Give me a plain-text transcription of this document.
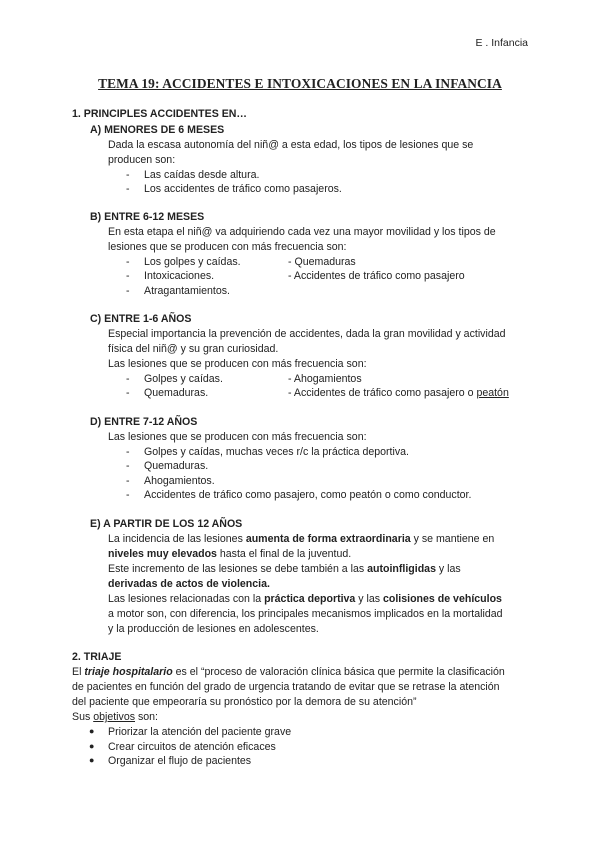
E . Infancia
TEMA 19: ACCIDENTES E INTOXICACIONES EN LA INFANCIA
1. PRINCIPLES ACCIDENTES EN…
A) MENORES DE 6 MESES
Dada la escasa autonomía del niñ@ a esta edad, los tipos de lesiones que se
producen son:
- Las caídas desde altura.
- Los accidentes de tráfico como pasajeros.
B) ENTRE 6-12 MESES
En esta etapa el niñ@ va adquiriendo cada vez una mayor movilidad y los tipos de
lesiones que se producen con más frecuencia son:
- Los golpes y caídas.	- Quemaduras
- Intoxicaciones.	- Accidentes de tráfico como pasajero
- Atragantamientos.
C) ENTRE 1-6 AÑOS
Especial importancia la prevención de accidentes, dada la gran movilidad y actividad
física del niñ@ y su gran curiosidad.
Las lesiones que se producen con más frecuencia son:
- Golpes y caídas.	- Ahogamientos
- Quemaduras.	- Accidentes de tráfico como pasajero o peatón
D) ENTRE 7-12 AÑOS
Las lesiones que se producen con más frecuencia son:
- Golpes y caídas, muchas veces r/c la práctica deportiva.
- Quemaduras.
- Ahogamientos.
- Accidentes de tráfico como pasajero, como peatón o como conductor.
E) A PARTIR DE LOS 12 AÑOS
La incidencia de las lesiones aumenta de forma extraordinaria y se mantiene en
niveles muy elevados hasta el final de la juventud.
Este incremento de las lesiones se debe también a las autoinfligidas y las
derivadas de actos de violencia.
Las lesiones relacionadas con la práctica deportiva y las colisiones de vehículos
a motor son, con diferencia, los principales mecanismos implicados en la mortalidad
y la producción de lesiones en adolescentes.
2. TRIAJE
El triaje hospitalario es el “proceso de valoración clínica básica que permite la clasificación
de pacientes en función del grado de urgencia tratando de evitar que se retrase la atención
del paciente que empeoraría su pronóstico por la demora de su atención”
Sus objetivos son:
● Priorizar la atención del paciente grave
● Crear circuitos de atención eficaces
● Organizar el flujo de pacientes
